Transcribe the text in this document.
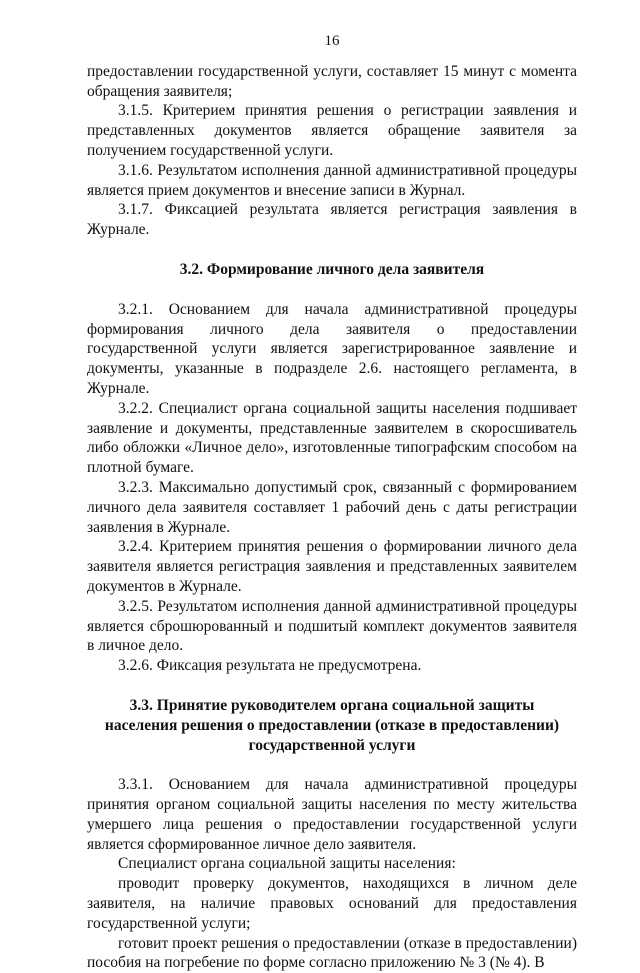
16

предоставлении государственной услуги, составляет 15 минут с момента обращения заявителя;

3.1.5. Критерием принятия решения о регистрации заявления и представленных документов является обращение заявителя за получением государственной услуги.

3.1.6. Результатом исполнения данной административной процедуры является прием документов и внесение записи в Журнал.

3.1.7. Фиксацией результата является регистрация заявления в Журнале.

3.2. Формирование личного дела заявителя

3.2.1. Основанием для начала административной процедуры формирования личного дела заявителя о предоставлении государственной услуги является зарегистрированное заявление и документы, указанные в подразделе 2.6. настоящего регламента, в Журнале.

3.2.2. Специалист органа социальной защиты населения подшивает заявление и документы, представленные заявителем в скоросшиватель либо обложки «Личное дело», изготовленные типографским способом на плотной бумаге.

3.2.3. Максимально допустимый срок, связанный с формированием личного дела заявителя составляет 1 рабочий день с даты регистрации заявления в Журнале.

3.2.4. Критерием принятия решения о формировании личного дела заявителя является регистрация заявления и представленных заявителем документов в Журнале.

3.2.5. Результатом исполнения данной административной процедуры является сброшюрованный и подшитый комплект документов заявителя в личное дело.

3.2.6. Фиксация результата не предусмотрена.

3.3. Принятие руководителем органа социальной защиты
населения решения о предоставлении (отказе в предоставлении)
государственной услуги

3.3.1. Основанием для начала административной процедуры принятия органом социальной защиты населения по месту жительства умершего лица решения о предоставлении государственной услуги является сформированное личное дело заявителя.

Специалист органа социальной защиты населения:

проводит проверку документов, находящихся в личном деле заявителя, на наличие правовых оснований для предоставления государственной услуги;

готовит проект решения о предоставлении (отказе в предоставлении) пособия на погребение по форме согласно приложению № 3 (№ 4). В
